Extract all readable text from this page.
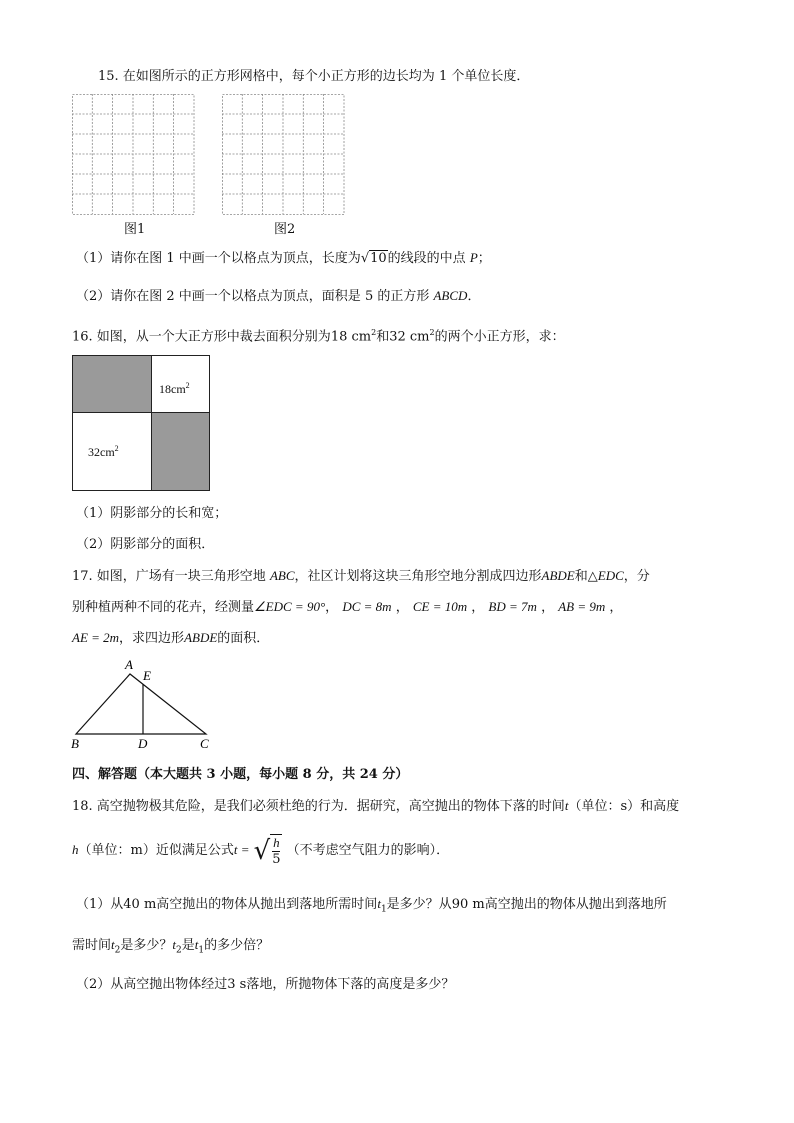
15. 在如图所示的正方形网格中，每个小正方形的边长均为 1 个单位长度．
图1	图2
（1）请你在图 1 中画一个以格点为顶点，长度为√10的线段的中点 P；
（2）请你在图 2 中画一个以格点为顶点，面积是 5 的正方形 ABCD．
16. 如图，从一个大正方形中裁去面积分别为18 $cm^2$和32 $cm^2$的两个小正方形，求：
$18cm^2$
$32cm^2$
（1）阴影部分的长和宽；
（2）阴影部分的面积．
17. 如图，广场有一块三角形空地 ABC，社区计划将这块三角形空地分割成四边形ABDE和△EDC，分
别种植两种不同的花卉，经测量∠EDC = 90°， DC = 8m ， CE = 10m ， BD = 7m ， AB = 9m ，
AE = 2m，求四边形ABDE的面积．
A
E
B	D	C
四、解答题（本大题共 3 小题，每小题 8 分，共 24 分）
18. 高空抛物极其危险，是我们必须杜绝的行为．据研究，高空抛出的物体下落的时间t（单位：s）和高度
h（单位：m）近似满足公式t = √ $\frac{h}{5}$ （不考虑空气阻力的影响）．
（1）从40 m高空抛出的物体从抛出到落地所需时间$t_1$是多少？从90 m高空抛出的物体从抛出到落地所
需时间$t_2$是多少？$t_2$是$t_1$的多少倍？
（2）从高空抛出物体经过3 s落地，所抛物体下落的高度是多少？
